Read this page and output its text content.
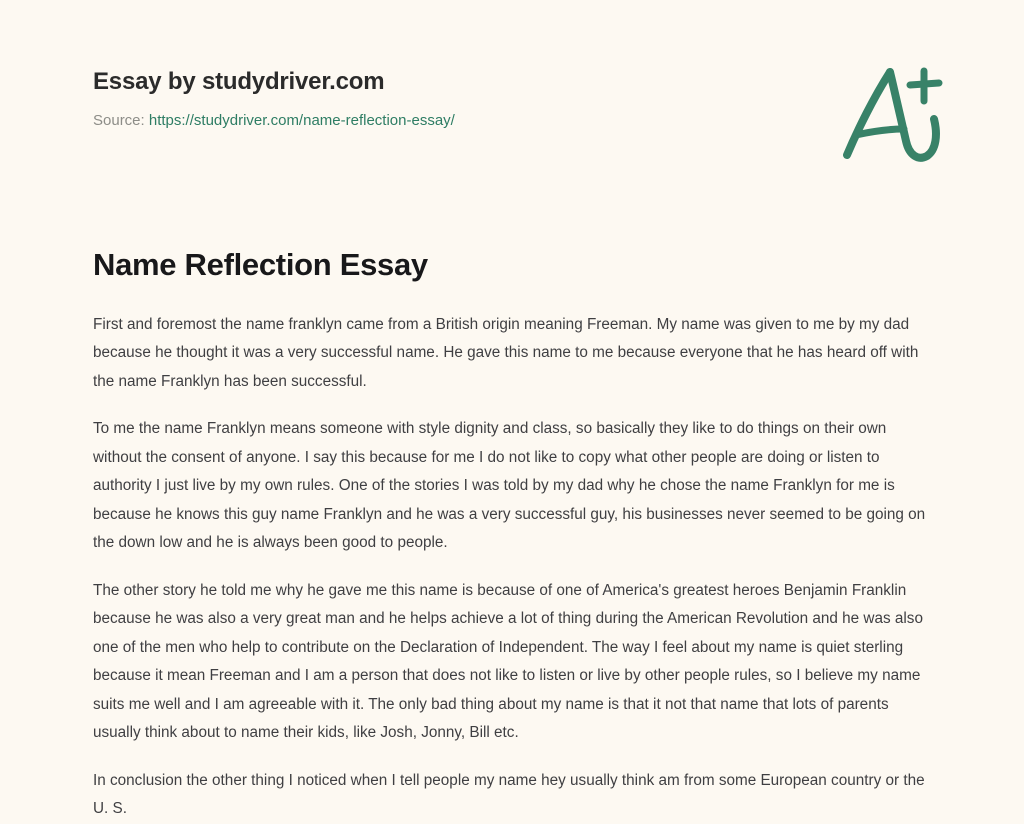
Essay by studydriver.com
Source: https://studydriver.com/name-reflection-essay/
Name Reflection Essay

First and foremost the name franklyn came from a British origin meaning Freeman. My name was given to me by my dad because he thought it was a very successful name. He gave this name to me because everyone that he has heard off with the name Franklyn has been successful.

To me the name Franklyn means someone with style dignity and class, so basically they like to do things on their own without the consent of anyone. I say this because for me I do not like to copy what other people are doing or listen to authority I just live by my own rules. One of the stories I was told by my dad why he chose the name Franklyn for me is because he knows this guy name Franklyn and he was a very successful guy, his businesses never seemed to be going on the down low and he is always been good to people.

The other story he told me why he gave me this name is because of one of America's greatest heroes Benjamin Franklin because he was also a very great man and he helps achieve a lot of thing during the American Revolution and he was also one of the men who help to contribute on the Declaration of Independent. The way I feel about my name is quiet sterling because it mean Freeman and I am a person that does not like to listen or live by other people rules, so I believe my name suits me well and I am agreeable with it. The only bad thing about my name is that it not that name that lots of parents usually think about to name their kids, like Josh, Jonny, Bill etc.

In conclusion the other thing I noticed when I tell people my name hey usually think am from some European country or the U. S.
